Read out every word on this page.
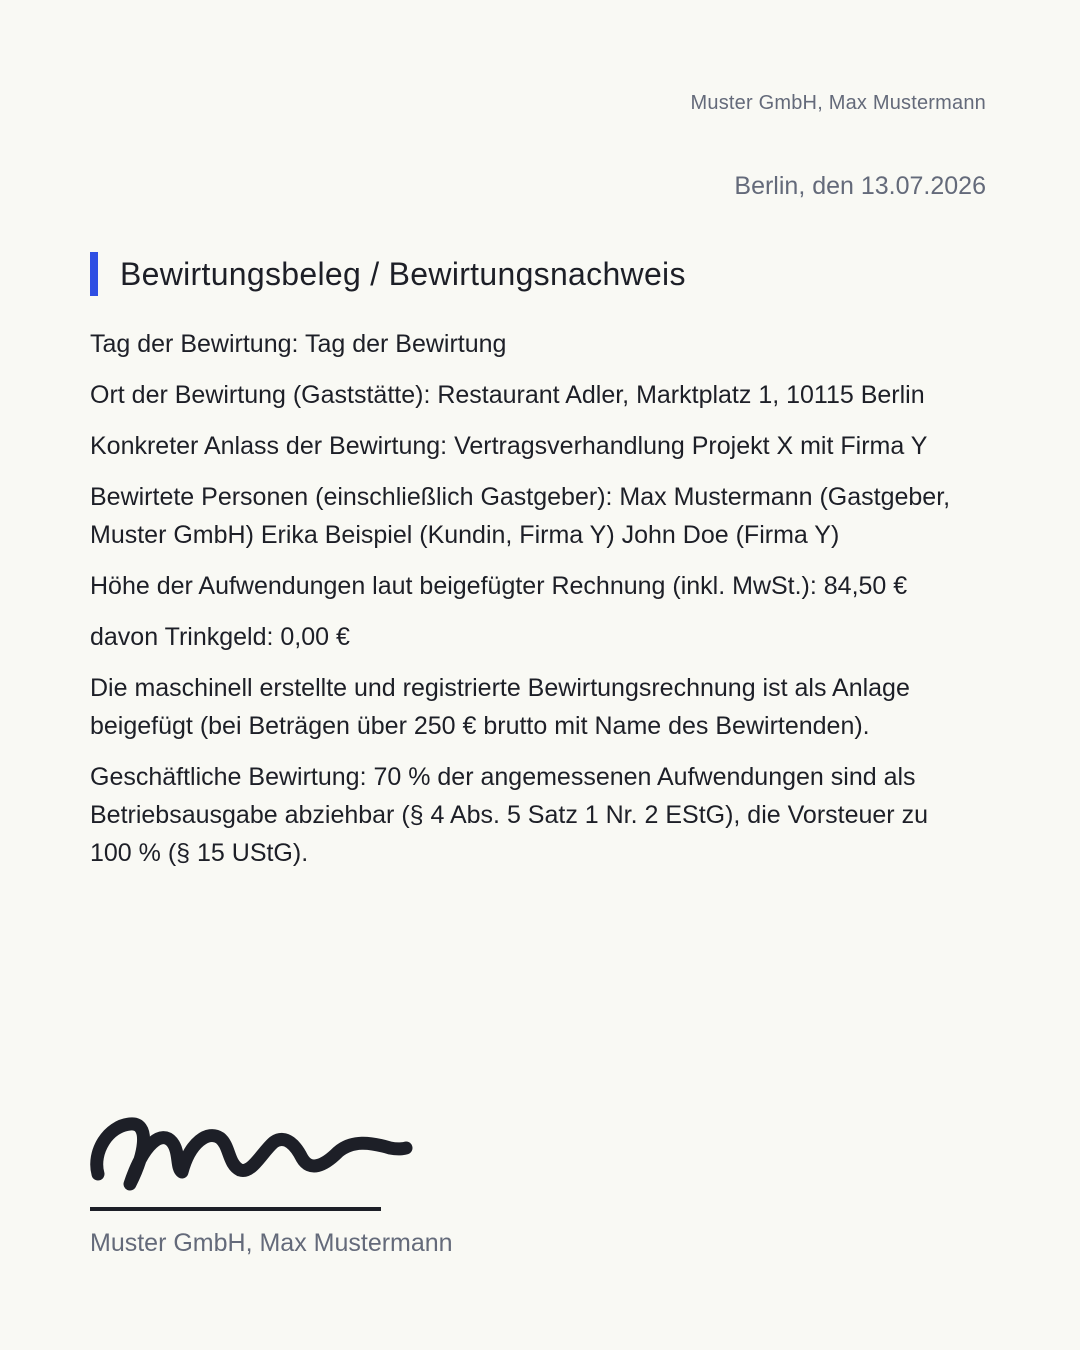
Muster GmbH, Max Mustermann
Berlin, den 13.07.2026
Bewirtungsbeleg / Bewirtungsnachweis

Tag der Bewirtung: Tag der Bewirtung

Ort der Bewirtung (Gaststätte): Restaurant Adler, Marktplatz 1, 10115 Berlin

Konkreter Anlass der Bewirtung: Vertragsverhandlung Projekt X mit Firma Y

Bewirtete Personen (einschließlich Gastgeber): Max Mustermann (Gastgeber, Muster GmbH) Erika Beispiel (Kundin, Firma Y) John Doe (Firma Y)

Höhe der Aufwendungen laut beigefügter Rechnung (inkl. MwSt.): 84,50 €

davon Trinkgeld: 0,00 €

Die maschinell erstellte und registrierte Bewirtungsrechnung ist als Anlage beigefügt (bei Beträgen über 250 € brutto mit Name des Bewirtenden).

Geschäftliche Bewirtung: 70 % der angemessenen Aufwendungen sind als Betriebsausgabe abziehbar (§ 4 Abs. 5 Satz 1 Nr. 2 EStG), die Vorsteuer zu 100 % (§ 15 UStG).

Muster GmbH, Max Mustermann
